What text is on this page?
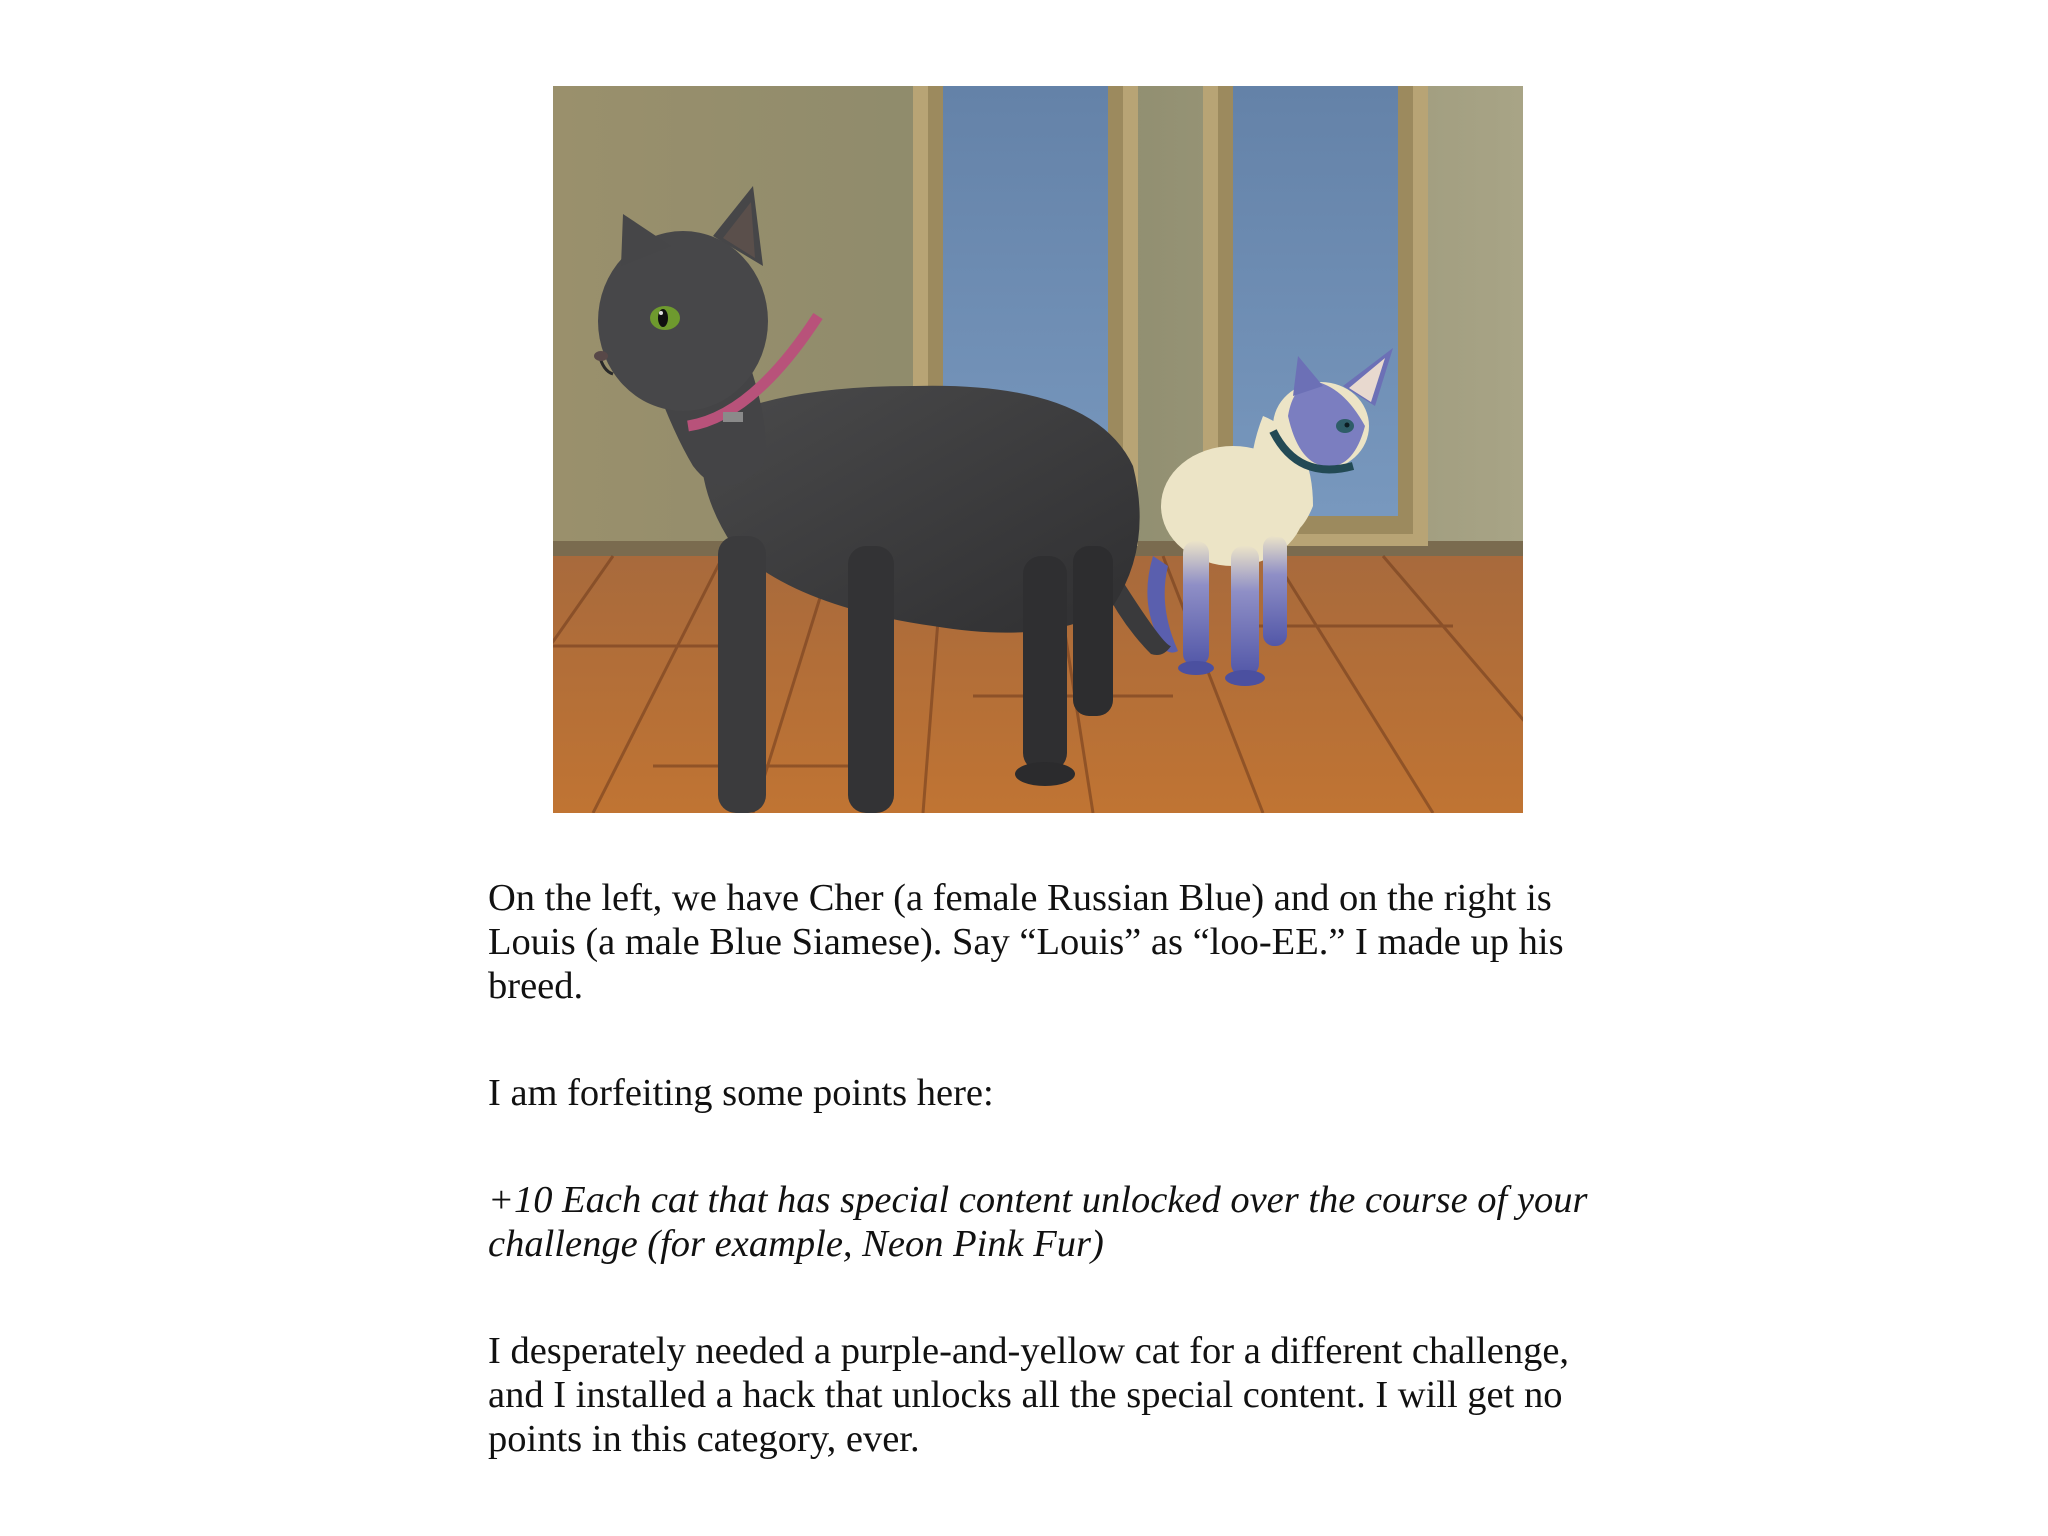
On the left, we have Cher (a female Russian Blue) and on the right is Louis (a male Blue Siamese). Say “Louis” as “loo-EE.” I made up his breed.

I am forfeiting some points here:

+10 Each cat that has special content unlocked over the course of your challenge (for example, Neon Pink Fur)

I desperately needed a purple-and-yellow cat for a different challenge, and I installed a hack that unlocks all the special content. I will get no points in this category, ever.
